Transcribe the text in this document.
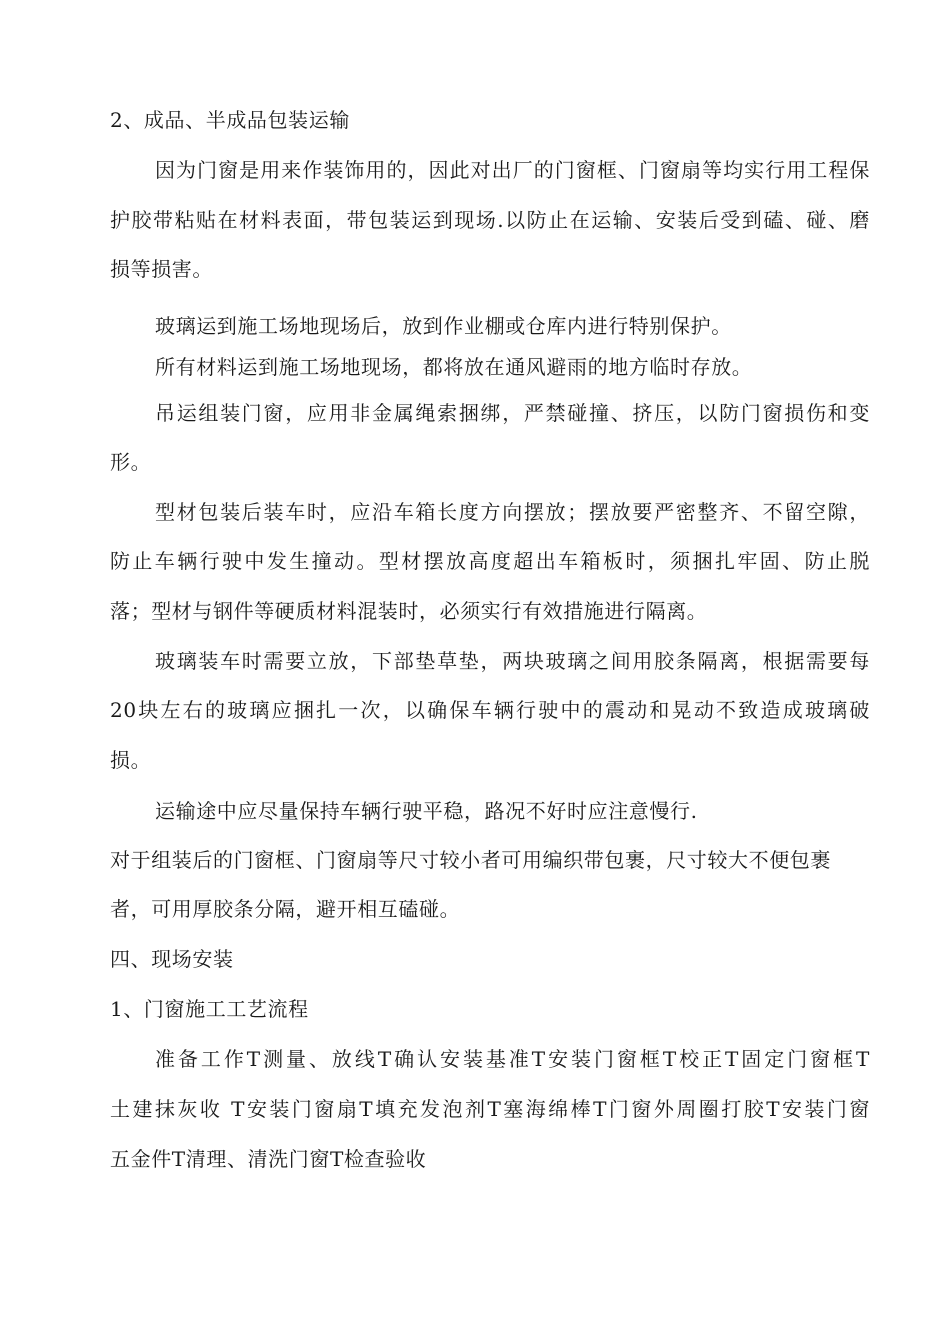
2、成品、半成品包装运输
因为门窗是用来作装饰用的，因此对出厂的门窗框、门窗扇等均实行用工程保
护胶带粘贴在材料表面，带包装运到现场.以防止在运输、安装后受到磕、碰、磨
损等损害。
玻璃运到施工场地现场后，放到作业棚或仓库内进行特别保护。
所有材料运到施工场地现场，都将放在通风避雨的地方临时存放。
吊运组装门窗，应用非金属绳索捆绑，严禁碰撞、挤压，以防门窗损伤和变
形。
型材包装后装车时，应沿车箱长度方向摆放；摆放要严密整齐、不留空隙，
防止车辆行驶中发生撞动。型材摆放高度超出车箱板时，须捆扎牢固、防止脱
落；型材与钢件等硬质材料混装时，必须实行有效措施进行隔离。
玻璃装车时需要立放，下部垫草垫，两块玻璃之间用胶条隔离，根据需要每
20块左右的玻璃应捆扎一次，以确保车辆行驶中的震动和晃动不致造成玻璃破
损。
运输途中应尽量保持车辆行驶平稳，路况不好时应注意慢行.
对于组装后的门窗框、门窗扇等尺寸较小者可用编织带包裹，尺寸较大不便包裹
者，可用厚胶条分隔，避开相互磕碰。
四、现场安装
1、门窗施工工艺流程
准备工作T测量、放线T确认安装基准T安装门窗框T校正T固定门窗框T
土建抹灰收 T安装门窗扇T填充发泡剂T塞海绵棒T门窗外周圈打胶T安装门窗
五金件T清理、清洗门窗T检查验收
